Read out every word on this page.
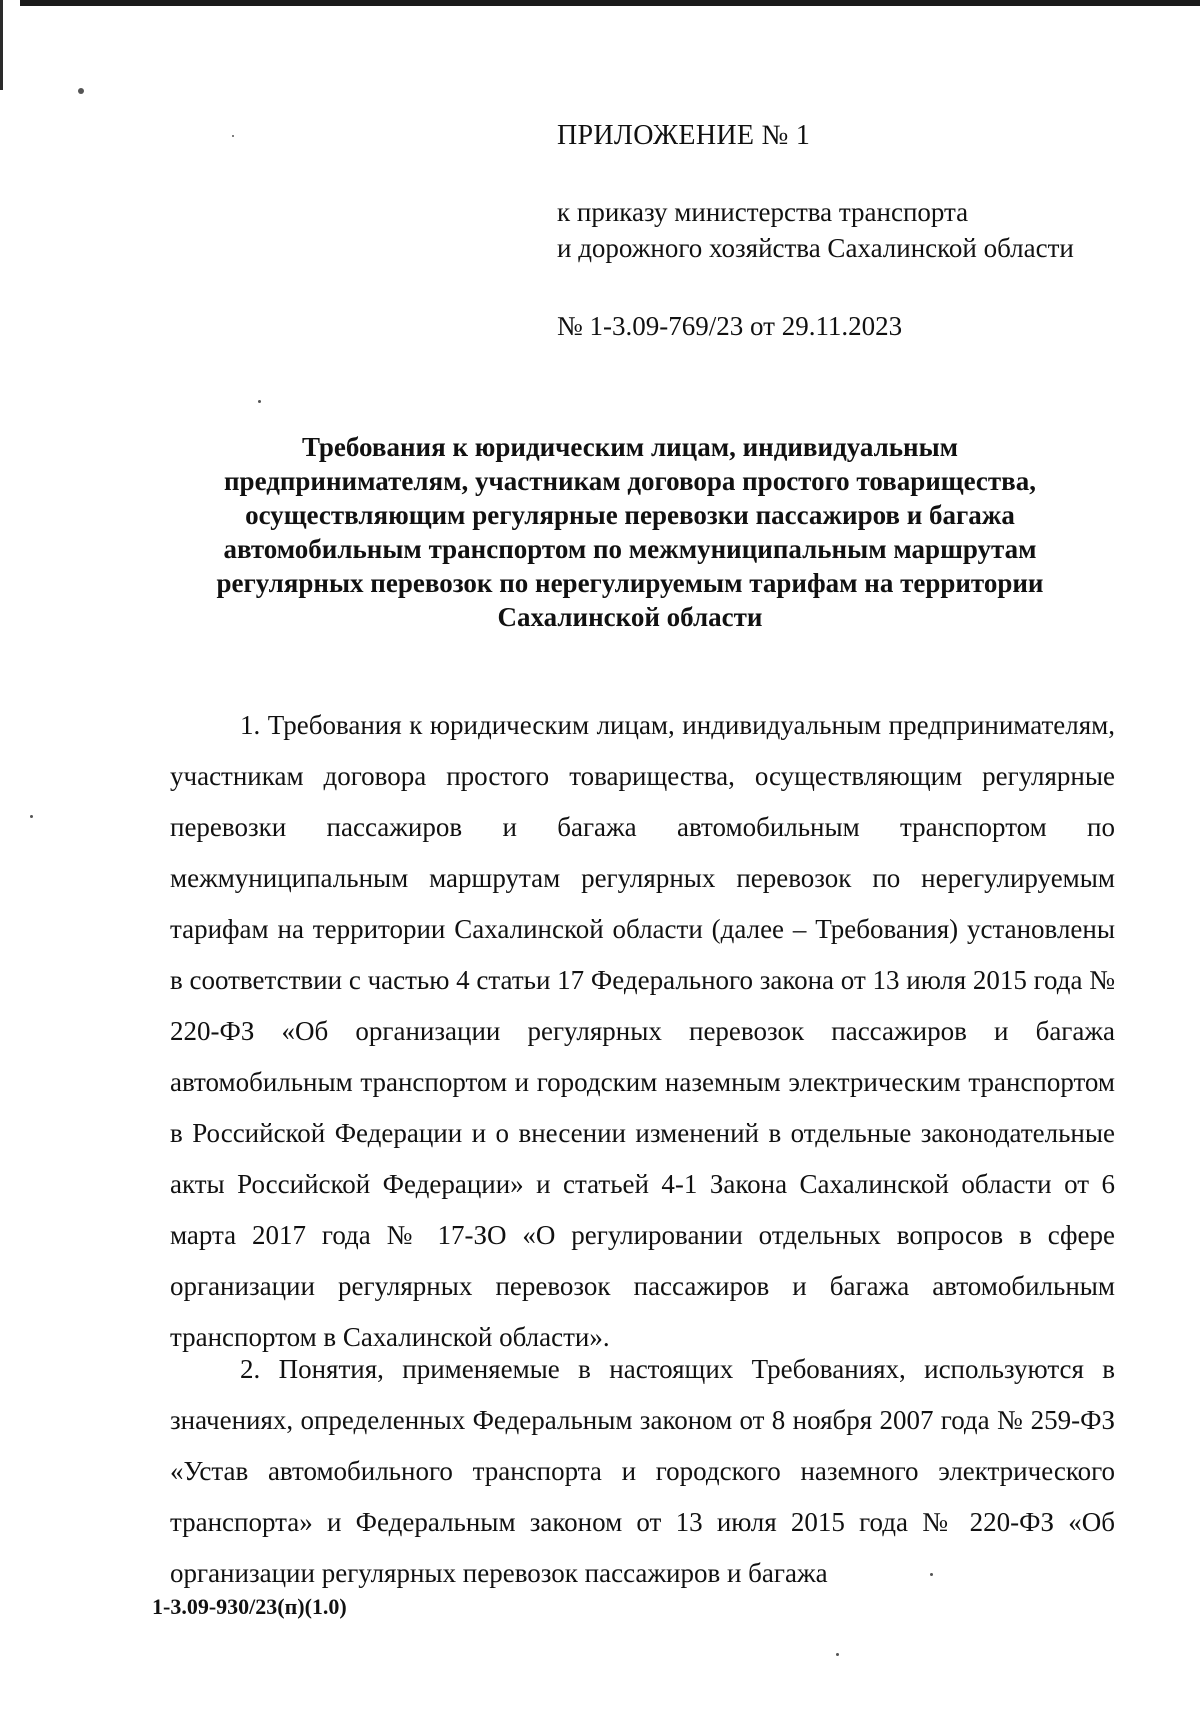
ПРИЛОЖЕНИЕ № 1
к приказу министерства транспорта
и дорожного хозяйства Сахалинской области
№ 1-3.09-769/23 от 29.11.2023
Требования к юридическим лицам, индивидуальным
предпринимателям, участникам договора простого товарищества,
осуществляющим регулярные перевозки пассажиров и багажа
автомобильным транспортом по межмуниципальным маршрутам
регулярных перевозок по нерегулируемым тарифам на территории
Сахалинской области

1. Требования к юридическим лицам, индивидуальным предпринимателям, участникам договора простого товарищества, осуществляющим регулярные перевозки пассажиров и багажа автомобильным транспортом по межмуниципальным маршрутам регулярных перевозок по нерегулируемым тарифам на территории Сахалинской области (далее – Требования) установлены в соответствии с частью 4 статьи 17 Федерального закона от 13 июля 2015 года № 220-ФЗ «Об организации регулярных перевозок пассажиров и багажа автомобильным транспортом и городским наземным электрическим транспортом в Российской Федерации и о внесении изменений в отдельные законодательные акты Российской Федерации» и статьей 4-1 Закона Сахалинской области от 6 марта 2017 года № 17-ЗО «О регулировании отдельных вопросов в сфере организации регулярных перевозок пассажиров и багажа автомобильным транспортом в Сахалинской области».

2. Понятия, применяемые в настоящих Требованиях, используются в значениях, определенных Федеральным законом от 8 ноября 2007 года № 259-ФЗ «Устав автомобильного транспорта и городского наземного электрического транспорта» и Федеральным законом от 13 июля 2015 года № 220-ФЗ «Об организации регулярных перевозок пассажиров и багажа

1-3.09-930/23(п)(1.0)
